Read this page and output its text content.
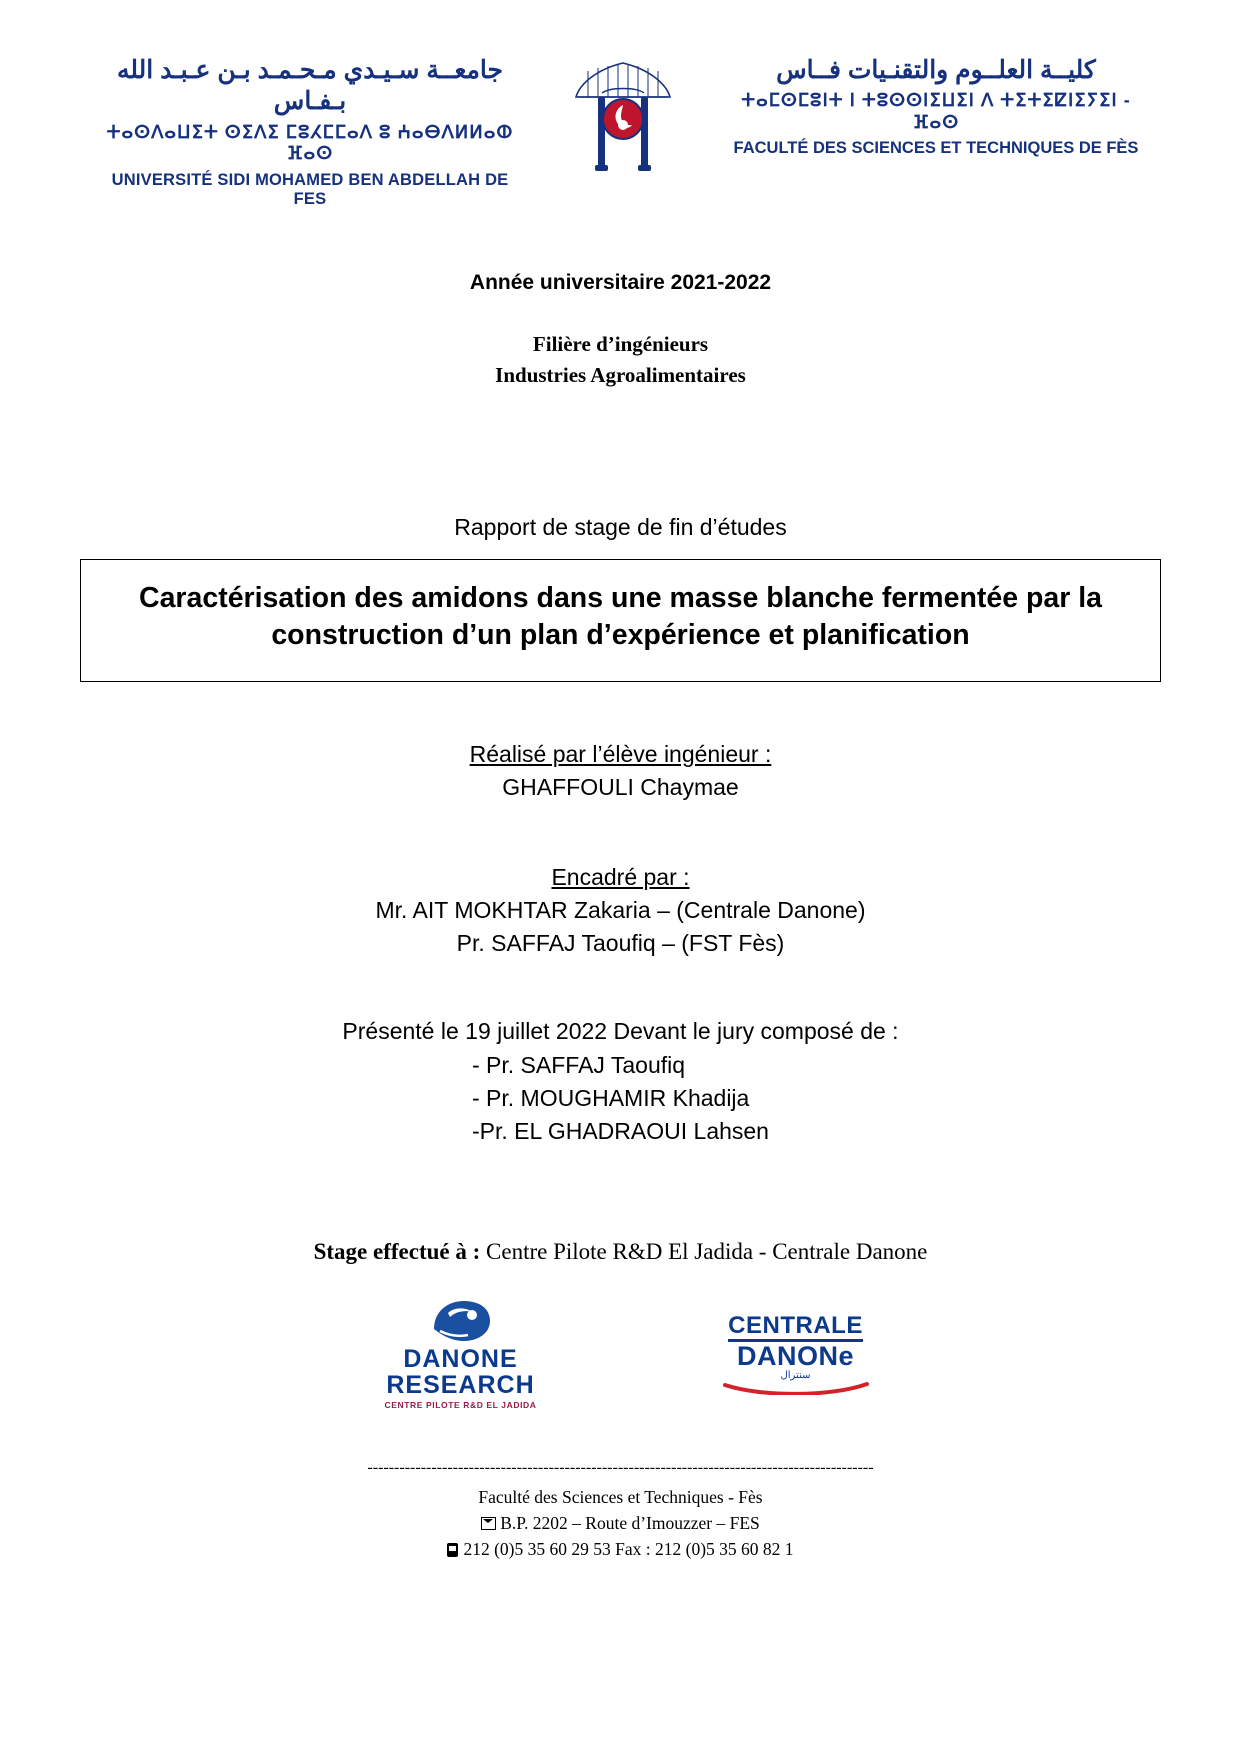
جامعــة سـيـدي مـحـمـد بـن عـبـد الله بـفـاس
ⵜⴰⵙⴷⴰⵡⵉⵜ ⵙⵉⴷⵉ ⵎⵓⵃⵎⵎⴰⴷ ⵓ ⵄⴰⴱⴷⵍⵍⴰⵀ ⴼⴰⵙ
UNIVERSITÉ SIDI MOHAMED BEN ABDELLAH DE FES
كليــة العلــوم والتقنـيات فــاس
ⵜⴰⵎⵙⵎⵓⵏⵜ ⵏ ⵜⵓⵙⵙⵏⵉⵡⵉⵏ ⴷ ⵜⵉⵜⵉⵇⵏⵉⵢⵉⵏ - ⴼⴰⵙ
FACULTÉ DES SCIENCES ET TECHNIQUES DE FÈS
Année universitaire 2021-2022
Filière d’ingénieurs
Industries Agroalimentaires
Rapport de stage de fin d’études
Caractérisation des amidons dans une masse blanche fermentée par la construction d’un plan d’expérience et planification
Réalisé par l’élève ingénieur :
GHAFFOULI Chaymae
Encadré par :
Mr. AIT MOKHTAR Zakaria – (Centrale Danone)
Pr. SAFFAJ Taoufiq – (FST Fès)
Présenté le 19 juillet 2022 Devant le jury composé de :
- Pr. SAFFAJ Taoufiq
- Pr. MOUGHAMIR Khadija
-Pr. EL GHADRAOUI Lahsen
Stage effectué à : Centre Pilote R&D El Jadida - Centrale Danone
DANONE
RESEARCH
CENTRE PILOTE R&D EL JADIDA
CENTRALE
DANONe
سنترال
-----------------------------------------------------------------------------------------------
Faculté des Sciences et Techniques - Fès
B.P. 2202 – Route d’Imouzzer – FES
212 (0)5 35 60 29 53 Fax : 212 (0)5 35 60 82 1
